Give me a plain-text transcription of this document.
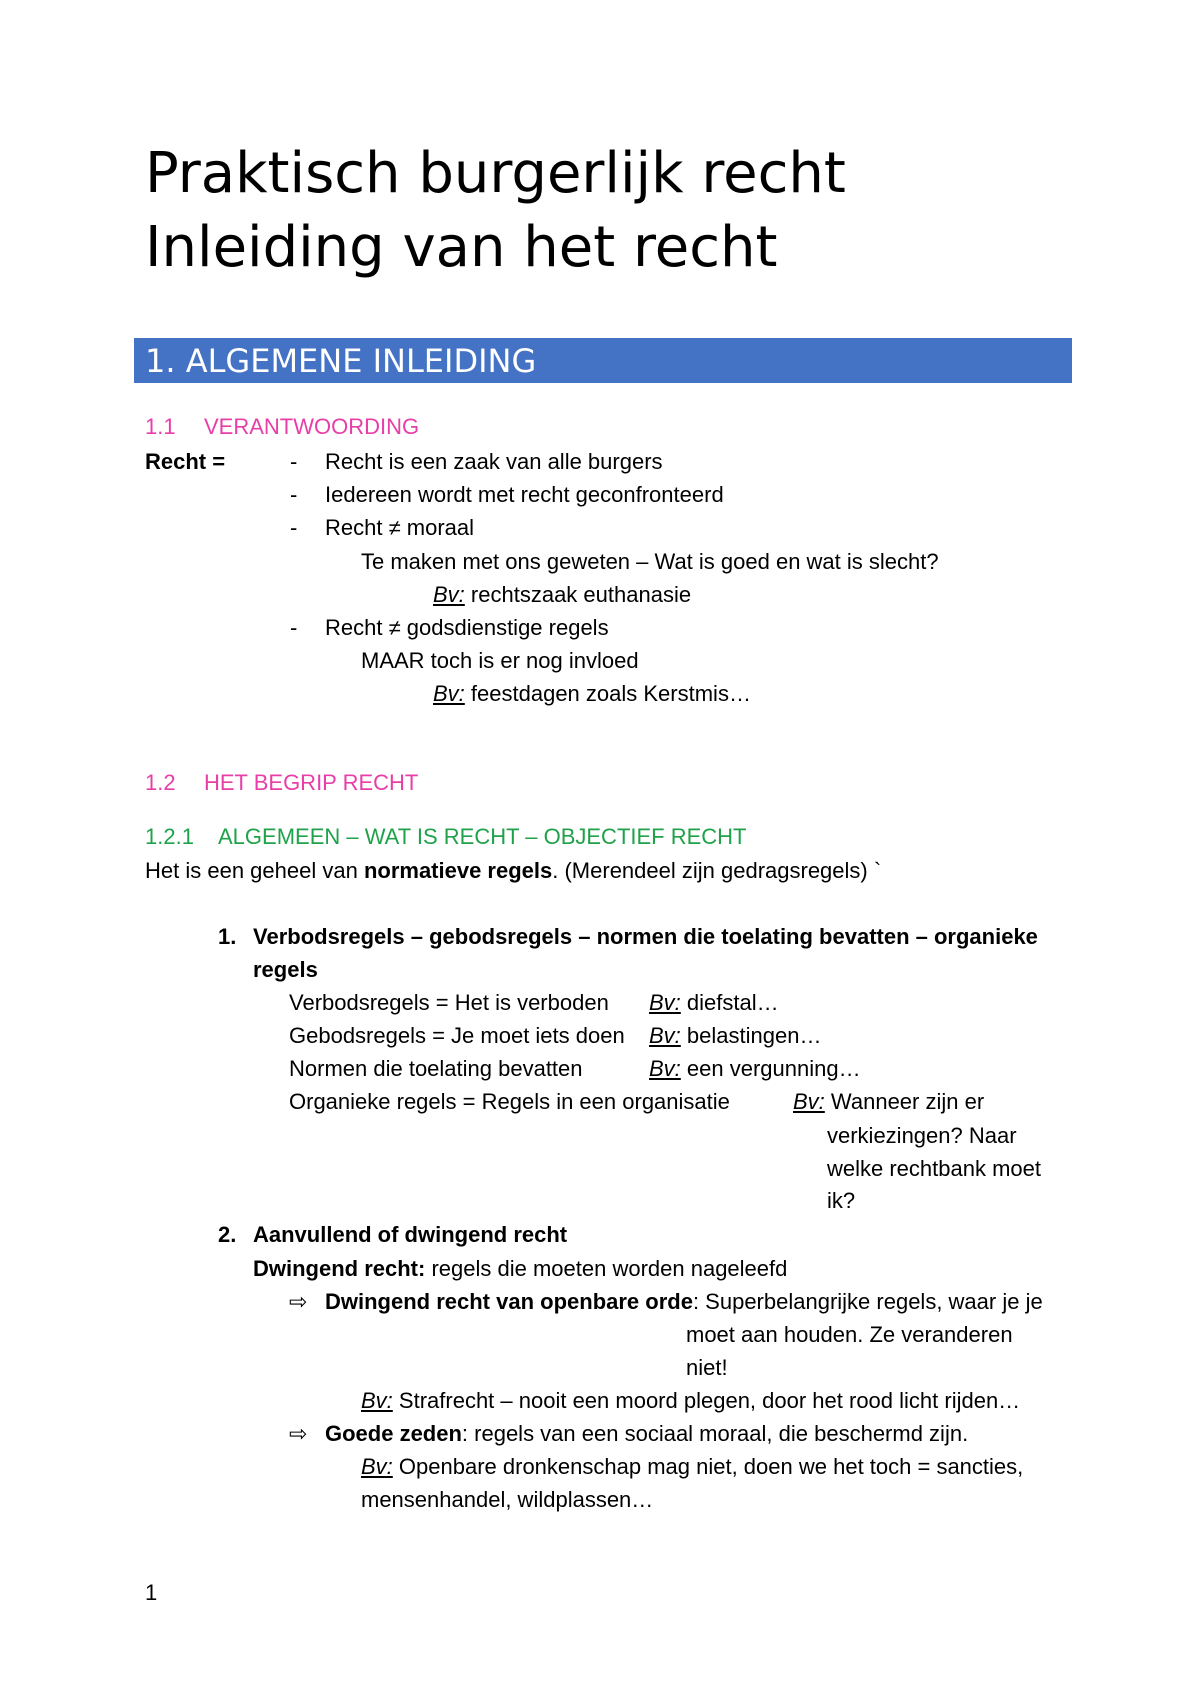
Praktisch burgerlijk recht
Inleiding van het recht
1. ALGEMENE INLEIDING
1.1 VERANTWOORDING
Recht =	- Recht is een zaak van alle burgers
- Iedereen wordt met recht geconfronteerd
- Recht ≠ moraal
Te maken met ons geweten – Wat is goed en wat is slecht?
Bv: rechtszaak euthanasie
- Recht ≠ godsdienstige regels
MAAR toch is er nog invloed
Bv: feestdagen zoals Kerstmis…
1.2 HET BEGRIP RECHT
1.2.1 ALGEMEEN – WAT IS RECHT – OBJECTIEF RECHT
Het is een geheel van normatieve regels. (Merendeel zijn gedragsregels) `
1. Verbodsregels – gebodsregels – normen die toelating bevatten – organieke
regels
Verbodsregels = Het is verboden Bv: diefstal…
Gebodsregels = Je moet iets doen Bv: belastingen…
Normen die toelating bevatten	Bv: een vergunning…
Organieke regels = Regels in een organisatie	Bv: Wanneer zijn er
verkiezingen? Naar
welke rechtbank moet
ik?
2. Aanvullend of dwingend recht
Dwingend recht: regels die moeten worden nageleefd
⇨ Dwingend recht van openbare orde: Superbelangrijke regels, waar je je
moet aan houden. Ze veranderen
niet!
Bv: Strafrecht – nooit een moord plegen, door het rood licht rijden…
⇨ Goede zeden: regels van een sociaal moraal, die beschermd zijn.
Bv: Openbare dronkenschap mag niet, doen we het toch = sancties,
mensenhandel, wildplassen…
1
